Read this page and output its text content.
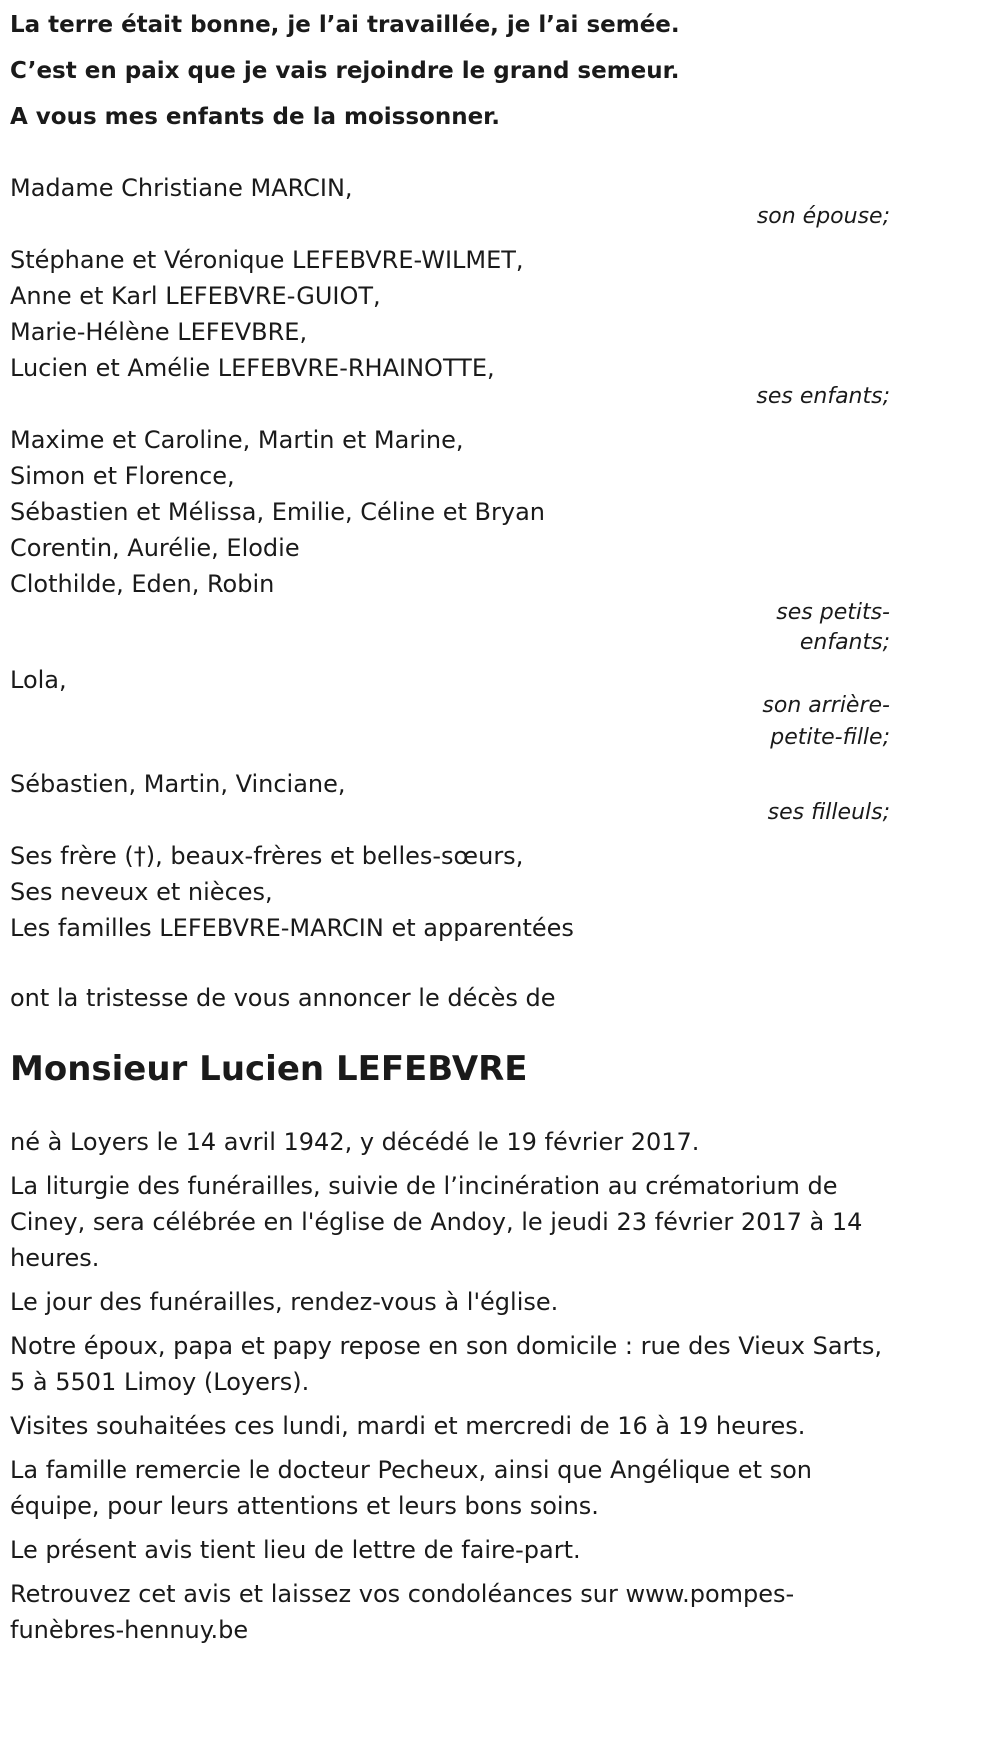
La terre était bonne, je l’ai travaillée, je l’ai semée.

C’est en paix que je vais rejoindre le grand semeur.

A vous mes enfants de la moissonner.

Madame Christiane MARCIN,
son épouse;
Stéphane et Véronique LEFEBVRE-WILMET,
Anne et Karl LEFEBVRE-GUIOT,
Marie-Hélène LEFEVBRE,
Lucien et Amélie LEFEBVRE-RHAINOTTE,
ses enfants;
Maxime et Caroline, Martin et Marine,
Simon et Florence,
Sébastien et Mélissa, Emilie, Céline et Bryan
Corentin, Aurélie, Elodie
Clothilde, Eden, Robin
ses petits-enfants;
Lola,
son arrière-petite-fille;
Sébastien, Martin, Vinciane,
ses filleuls;
Ses frère (†), beaux-frères et belles-sœurs,
Ses neveux et nièces,
Les familles LEFEBVRE-MARCIN et apparentées

ont la tristesse de vous annoncer le décès de

Monsieur Lucien LEFEBVRE

né à Loyers le 14 avril 1942, y décédé le 19 février 2017.

La liturgie des funérailles, suivie de l’incinération au crématorium de Ciney, sera célébrée en l'église de Andoy, le jeudi 23 février 2017 à 14 heures.

Le jour des funérailles, rendez-vous à l'église.

Notre époux, papa et papy repose en son domicile : rue des Vieux Sarts, 5 à 5501 Limoy (Loyers).

Visites souhaitées ces lundi, mardi et mercredi de 16 à 19 heures.

La famille remercie le docteur Pecheux, ainsi que Angélique et son équipe, pour leurs attentions et leurs bons soins.

Le présent avis tient lieu de lettre de faire-part.

Retrouvez cet avis et laissez vos condoléances sur www.pompes-funèbres-hennuy.be
